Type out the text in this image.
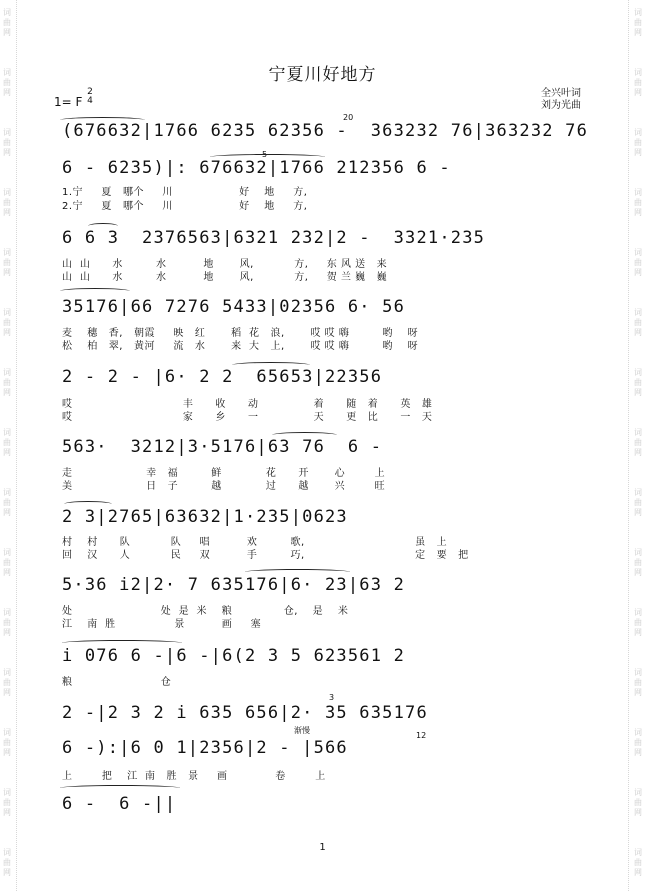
词
曲
网
词
曲
网
词
曲
网
词
曲
网
词
曲
网
词
曲
网
词
曲
网
词
曲
网
词
曲
网
词
曲
网
词
曲
网
词
曲
网
词
曲
网
词
曲
网
词
曲
网
词
曲
网
词
曲
网
词
曲
网
词
曲
网
词
曲
网
词
曲
网
词
曲
网
词
曲
网
词
曲
网
词
曲
网
词
曲
网
词
曲
网
词
曲
网
词
曲
网
词
曲
网
宁夏川好地方
1= F
2
4
全兴叶词
刘为光曲
(676632|1766 6235 62356 -  363232 76|363232 76
6 - 6235)|: 676632|1766 212356 6 -
1.宁     夏   哪个     川                  好    地     方,
2.宁     夏   哪个     川                  好    地     方,
6 6 3  2376563|6321 232|2 -  3321·235
山  山      水         水          地       风,           方,     东 风 送   来
山  山      水         水          地       风,           方,     贺 兰 巍   巍
35176|66 7276 5433|02356 6· 56
麦    穗   香,   朝霞     映   红       稻  花   浪,       哎 哎 嗨         哟    呀
松    柏   翠,   黄河     流   水       来  大   上,       哎 哎 嗨         哟    呀
2 - 2 - |6· 2 2  65653|22356
哎                              丰      收      动               着      随   着      英   雄
哎                              家      乡      一               天      更   比      一   天
563·  3212|3·5176|63 76  6 -
走                    幸   福         鲜            花      开       心        上
美                    日   子         越            过      越       兴        旺
2 3|2765|63632|1·235|0623
村    村      队           队     唱          欢         歌,                              虽   上
回    汉      人           民     双          手         巧,                              定   要   把
5·36 i2|2· 7 635176|6· 23|63 2
处                        处  是  米    粮              仓,    是    米
江    南  胜                景          画     塞
i 076 6 -|6 -|6(2 3 5 623561 2
粮                        仓
2 -|2 3 2 i 635 656|2· 35 635176
6 -):|6 0 1|2356|2 - |566
上        把    江  南   胜   景     画             卷        上
6 -  6 -||
20
5
12
3
渐慢
1
